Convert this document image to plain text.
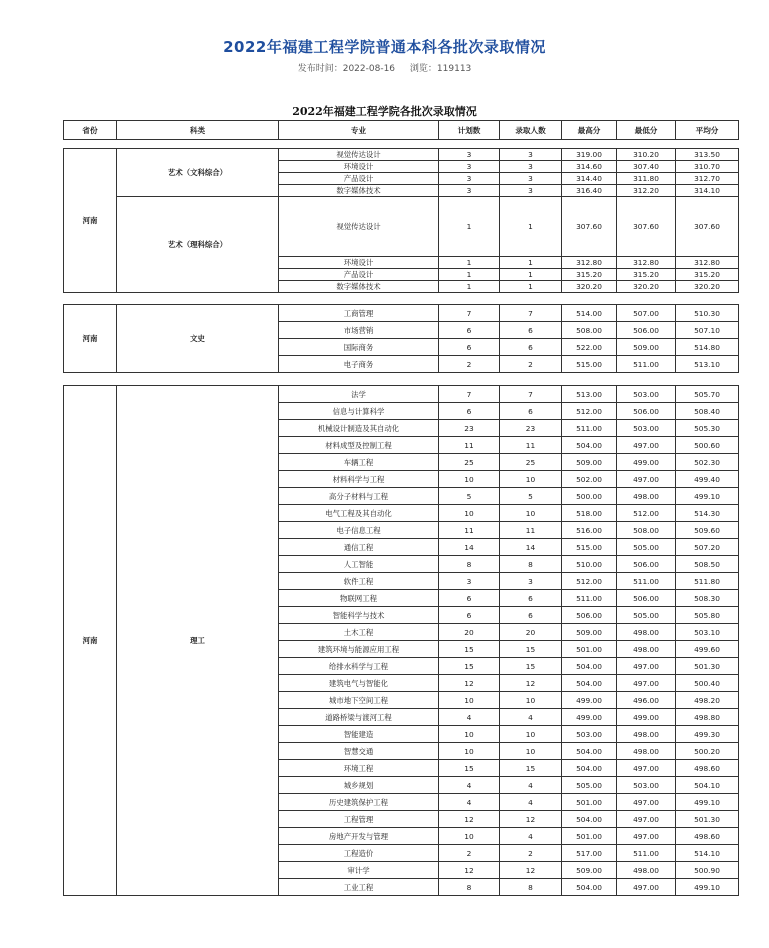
2022年福建工程学院普通本科各批次录取情况
发布时间：2022-08-16 浏览：119113
2022年福建工程学院各批次录取情况
省份	科类	专业	计划数	录取人数	最高分	最低分	平均分
河南	艺术（文科综合）	视觉传达设计	3	3	319.00	310.20	313.50
		环境设计	3	3	314.60	307.40	310.70
		产品设计	3	3	314.40	311.80	312.70
		数字媒体技术	3	3	316.40	312.20	314.10
	艺术（理科综合）	视觉传达设计	1	1	307.60	307.60	307.60
		环境设计	1	1	312.80	312.80	312.80
		产品设计	1	1	315.20	315.20	315.20
		数字媒体技术	1	1	320.20	320.20	320.20
河南	文史	工商管理	7	7	514.00	507.00	510.30
		市场营销	6	6	508.00	506.00	507.10
		国际商务	6	6	522.00	509.00	514.80
		电子商务	2	2	515.00	511.00	513.10
河南	理工	法学	7	7	513.00	503.00	505.70
		信息与计算科学	6	6	512.00	506.00	508.40
		机械设计制造及其自动化	23	23	511.00	503.00	505.30
		材料成型及控制工程	11	11	504.00	497.00	500.60
		车辆工程	25	25	509.00	499.00	502.30
		材料科学与工程	10	10	502.00	497.00	499.40
		高分子材料与工程	5	5	500.00	498.00	499.10
		电气工程及其自动化	10	10	518.00	512.00	514.30
		电子信息工程	11	11	516.00	508.00	509.60
		通信工程	14	14	515.00	505.00	507.20
		人工智能	8	8	510.00	506.00	508.50
		软件工程	3	3	512.00	511.00	511.80
		物联网工程	6	6	511.00	506.00	508.30
		智能科学与技术	6	6	506.00	505.00	505.80
		土木工程	20	20	509.00	498.00	503.10
		建筑环境与能源应用工程	15	15	501.00	498.00	499.60
		给排水科学与工程	15	15	504.00	497.00	501.30
		建筑电气与智能化	12	12	504.00	497.00	500.40
		城市地下空间工程	10	10	499.00	496.00	498.20
		道路桥梁与渡河工程	4	4	499.00	499.00	498.80
		智能建造	10	10	503.00	498.00	499.30
		智慧交通	10	10	504.00	498.00	500.20
		环境工程	15	15	504.00	497.00	498.60
		城乡规划	4	4	505.00	503.00	504.10
		历史建筑保护工程	4	4	501.00	497.00	499.10
		工程管理	12	12	504.00	497.00	501.30
		房地产开发与管理	10	4	501.00	497.00	498.60
		工程造价	2	2	517.00	511.00	514.10
		审计学	12	12	509.00	498.00	500.90
		工业工程	8	8	504.00	497.00	499.10
